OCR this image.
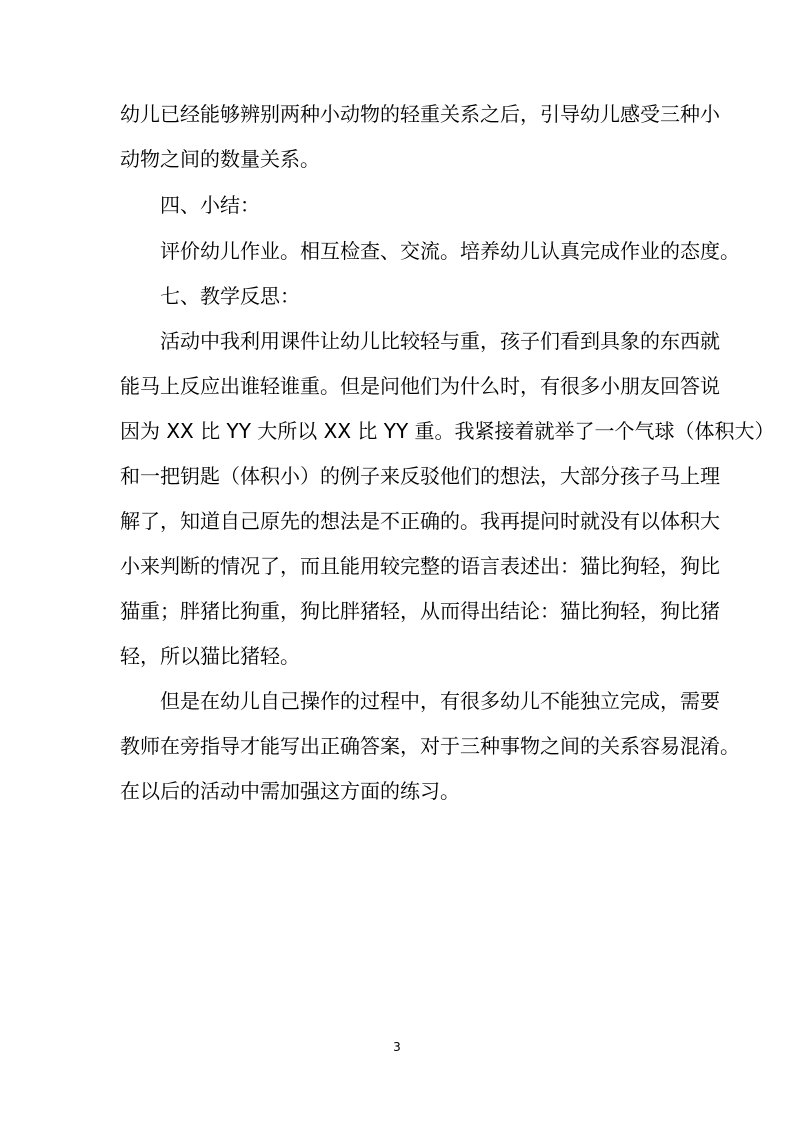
幼儿已经能够辨别两种小动物的轻重关系之后，引导幼儿感受三种小
动物之间的数量关系。
四、小结：
评价幼儿作业。相互检查、交流。培养幼儿认真完成作业的态度。
七、教学反思：
活动中我利用课件让幼儿比较轻与重，孩子们看到具象的东西就
能马上反应出谁轻谁重。但是问他们为什么时，有很多小朋友回答说
因为 XX 比 YY 大所以 XX 比 YY 重。我紧接着就举了一个气球（体积大）
和一把钥匙（体积小）的例子来反驳他们的想法，大部分孩子马上理
解了，知道自己原先的想法是不正确的。我再提问时就没有以体积大
小来判断的情况了，而且能用较完整的语言表述出：猫比狗轻，狗比
猫重；胖猪比狗重，狗比胖猪轻，从而得出结论：猫比狗轻，狗比猪
轻，所以猫比猪轻。
但是在幼儿自己操作的过程中，有很多幼儿不能独立完成，需要
教师在旁指导才能写出正确答案，对于三种事物之间的关系容易混淆。
在以后的活动中需加强这方面的练习。
3
